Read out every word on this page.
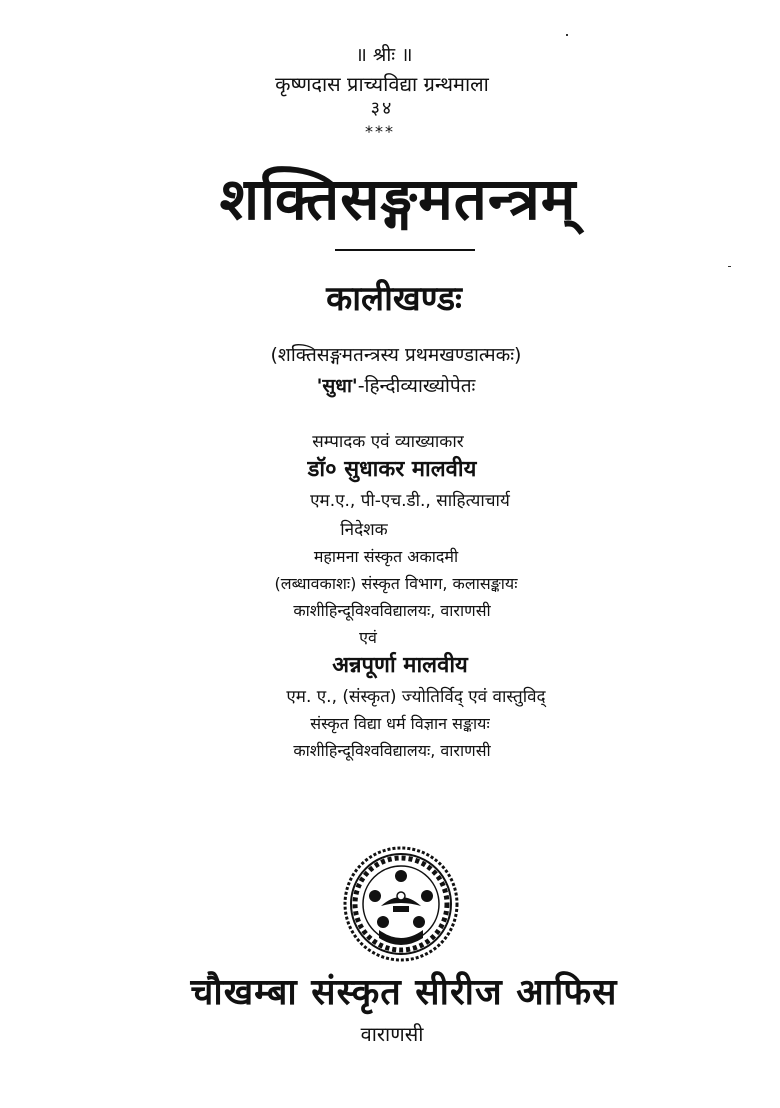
॥ श्रीः ॥
कृष्णदास प्राच्यविद्या ग्रन्थमाला
३४
***
शक्तिसङ्गमतन्त्रम्
कालीखण्डः
(शक्तिसङ्गमतन्त्रस्य प्रथमखण्डात्मकः)
'सुधा'-हिन्दीव्याख्योपेतः
सम्पादक एवं व्याख्याकार
डॉ० सुधाकर मालवीय
एम.ए., पी-एच.डी., साहित्याचार्य
निदेशक
महामना संस्कृत अकादमी
(लब्धावकाशः) संस्कृत विभाग, कलासङ्कायः
काशीहिन्दूविश्वविद्यालयः, वाराणसी
एवं
अन्नपूर्णा मालवीय
एम. ए., (संस्कृत) ज्योतिर्विद् एवं वास्तुविद्
संस्कृत विद्या धर्म विज्ञान सङ्कायः
काशीहिन्दूविश्वविद्यालयः, वाराणसी
चौखम्बा संस्कृत सीरीज आफिस
वाराणसी
